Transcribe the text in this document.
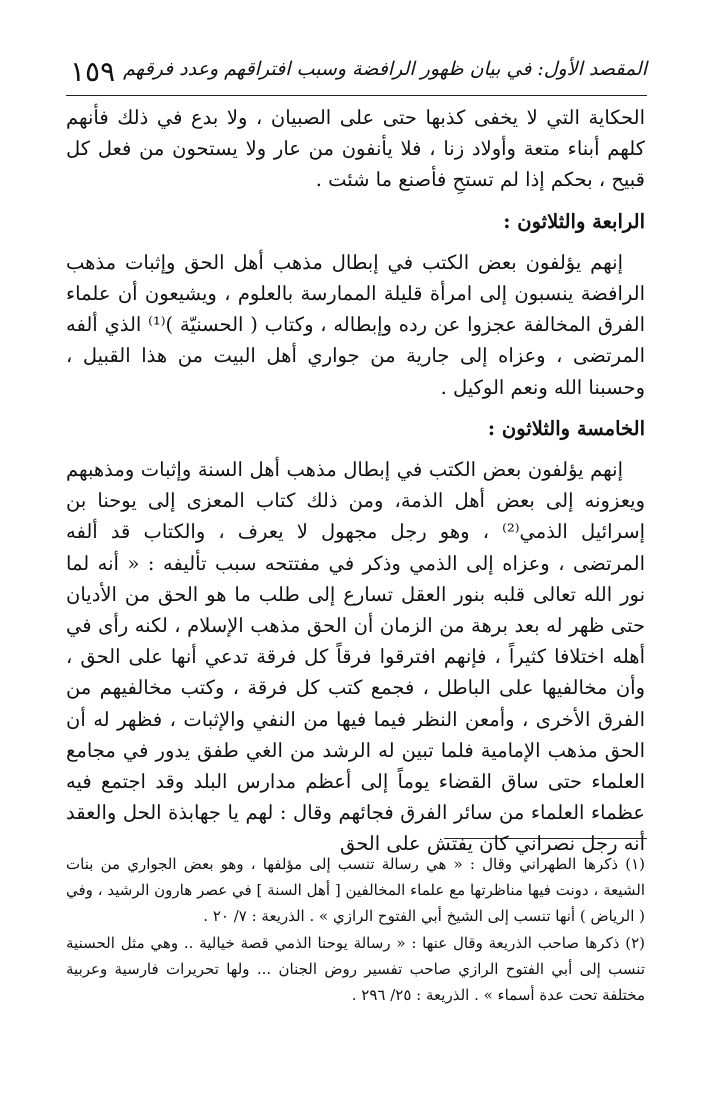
١٥٩ المقصد الأول: في بيان ظهور الرافضة وسبب افتراقهم وعدد فرقهم

الحكاية التي لا يخفى كذبها حتى على الصبيان ، ولا بدع في ذلك فأنهم كلهم أبناء متعة وأولاد زنا ، فلا يأنفون من عار ولا يستحون من فعل كل قبيح ، بحكم إذا لم تستحِ فأصنع ما شئت .

الرابعة والثلاثون :

إنهم يؤلفون بعض الكتب في إبطال مذهب أهل الحق وإثبات مذهب الرافضة ينسبون إلى امرأة قليلة الممارسة بالعلوم ، ويشيعون أن علماء الفرق المخالفة عجزوا عن رده وإبطاله ، وكتاب ( الحسنيّة )⁽¹⁾ الذي ألفه المرتضى ، وعزاه إلى جارية من جواري أهل البيت من هذا القبيل ، وحسبنا الله ونعم الوكيل .

الخامسة والثلاثون :

إنهم يؤلفون بعض الكتب في إبطال مذهب أهل السنة وإثبات ومذهبهم ويعزونه إلى بعض أهل الذمة، ومن ذلك كتاب المعزى إلى يوحنا بن إسرائيل الذمي⁽²⁾ ، وهو رجل مجهول لا يعرف ، والكتاب قد ألفه المرتضى ، وعزاه إلى الذمي وذكر في مفتتحه سبب تأليفه : « أنه لما نور الله تعالى قلبه بنور العقل تسارع إلى طلب ما هو الحق من الأديان حتى ظهر له بعد برهة من الزمان أن الحق مذهب الإسلام ، لكنه رأى في أهله اختلافا كثيراً ، فإنهم افترقوا فرقاً كل فرقة تدعي أنها على الحق ، وأن مخالفيها على الباطل ، فجمع كتب كل فرقة ، وكتب مخالفيهم من الفرق الأخرى ، وأمعن النظر فيما فيها من النفي والإثبات ، فظهر له أن الحق مذهب الإمامية فلما تبين له الرشد من الغي طفق يدور في مجامع العلماء حتى ساق القضاء يوماً إلى أعظم مدارس البلد وقد اجتمع فيه عظماء العلماء من سائر الفرق فجائهم وقال : لهم يا جهابذة الحل والعقد أنه رجل نصراني كان يفتش على الحق

(١) ذكرها الطهراني وقال : « هي رسالة تنسب إلى مؤلفها ، وهو بعض الجواري من بنات الشيعة ، دونت فيها مناظرتها مع علماء المخالفين [ أهل السنة ] في عصر هارون الرشيد ، وفي ( الرياض ) أنها تنسب إلى الشيخ أبي الفتوح الرازي » . الذريعة : ٧/ ٢٠ .

(٢) ذكرها صاحب الذريعة وقال عنها : « رسالة يوحنا الذمي قصة خيالية .. وهي مثل الحسنية تنسب إلى أبي الفتوح الرازي صاحب تفسير روض الجنان ... ولها تحريرات فارسية وعربية مختلفة تحت عدة أسماء » . الذريعة : ٢٥/ ٢٩٦ .
